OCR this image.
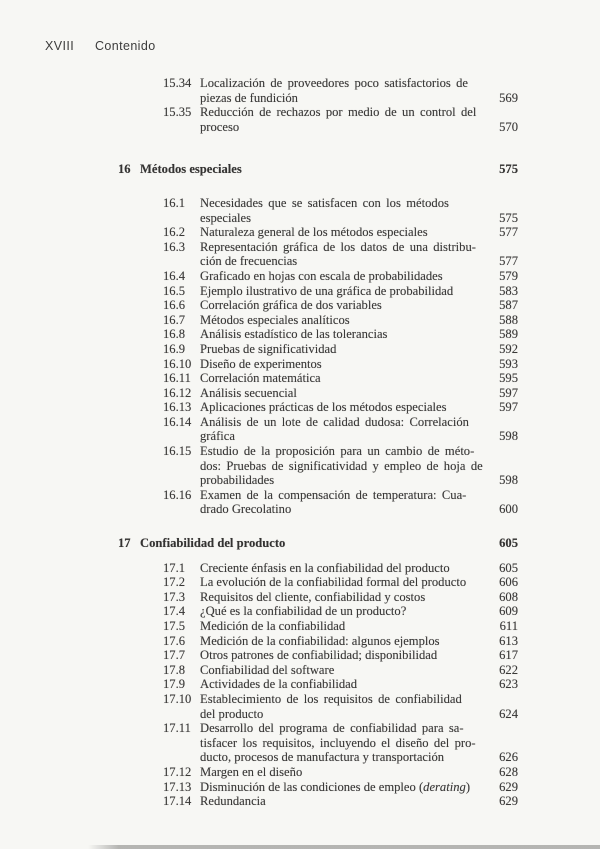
XVIII Contenido
15.34 Localización de proveedores poco satisfactorios de
piezas de fundición	569
15.35 Reducción de rechazos por medio de un control del
proceso	570
16 Métodos especiales	575
16.1	Necesidades que se satisfacen con los métodos
especiales	575
16.2	Naturaleza general de los métodos especiales	577
16.3	Representación gráfica de los datos de una distribu-
ción de frecuencias	577
16.4	Graficado en hojas con escala de probabilidades	579
16.5	Ejemplo ilustrativo de una gráfica de probabilidad	583
16.6	Correlación gráfica de dos variables	587
16.7	Métodos especiales analíticos	588
16.8	Análisis estadístico de las tolerancias	589
16.9	Pruebas de significatividad	592
16.10 Diseño de experimentos	593
16.11 Correlación matemática	595
16.12 Análisis secuencial	597
16.13 Aplicaciones prácticas de los métodos especiales	597
16.14 Análisis de un lote de calidad dudosa: Correlación
gráfica	598
16.15 Estudio de la proposición para un cambio de méto-
dos: Pruebas de significatividad y empleo de hoja de
probabilidades	598
16.16 Examen de la compensación de temperatura: Cua-
drado Grecolatino	600
17 Confiabilidad del producto	605
17.1	Creciente énfasis en la confiabilidad del producto	605
17.2	La evolución de la confiabilidad formal del producto	606
17.3	Requisitos del cliente, confiabilidad y costos	608
17.4	¿Qué es la confiabilidad de un producto?	609
17.5	Medición de la confiabilidad	611
17.6	Medición de la confiabilidad: algunos ejemplos	613
17.7	Otros patrones de confiabilidad; disponibilidad	617
17.8	Confiabilidad del software	622
17.9	Actividades de la confiabilidad	623
17.10 Establecimiento de los requisitos de confiabilidad
del producto	624
17.11 Desarrollo del programa de confiabilidad para sa-
tisfacer los requisitos, incluyendo el diseño del pro-
ducto, procesos de manufactura y transportación	626
17.12 Margen en el diseño	628
17.13 Disminución de las condiciones de empleo (derating)	629
17.14 Redundancia	629
